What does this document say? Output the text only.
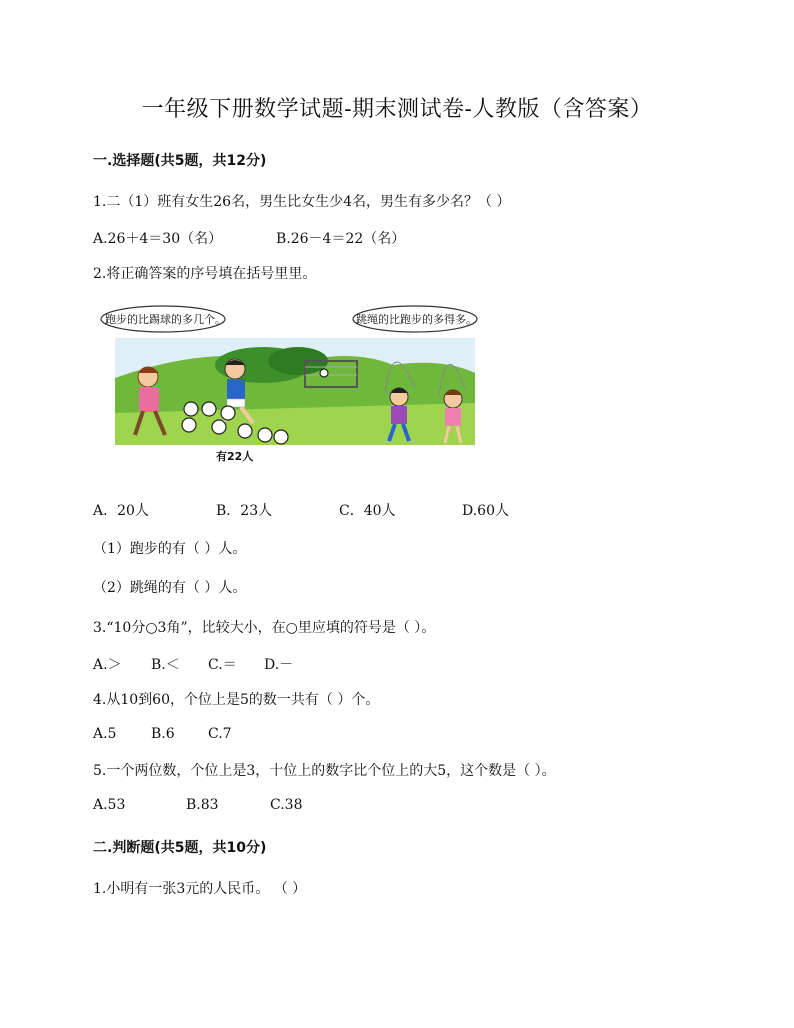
一年级下册数学试题-期末测试卷-人教版（含答案）
一.选择题(共5题，共12分)
1.二（1）班有女生26名，男生比女生少4名，男生有多少名？（ ）
A.26＋4＝30（名）	B.26－4＝22（名）
2.将正确答案的序号填在括号里里。
跑步的比踢球的多几个。	跳绳的比跑步的多得多。
有22人
A．20人	B．23人	C．40人	D.60人
（1）跑步的有（ ）人。
（2）跳绳的有（ ）人。
3.“10分○3角”，比较大小，在○里应填的符号是（ ）。
A.＞ B.＜ C.＝ D.－
4.从10到60，个位上是5的数一共有（ ）个。
A.5 B.6 C.7
5.一个两位数，个位上是3，十位上的数字比个位上的大5，这个数是（ ）。
A.53	B.83	C.38
二.判断题(共5题，共10分)
1.小明有一张3元的人民币。 （ ）
